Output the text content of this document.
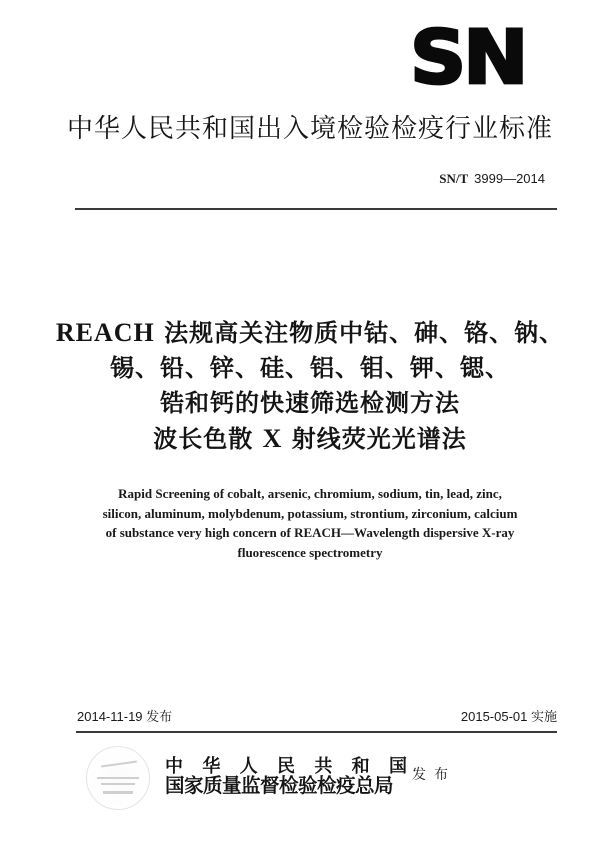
SN
中华人民共和国出入境检验检疫行业标准
SN/T 3999—2014
REACH 法规高关注物质中钴、砷、铬、钠、
锡、铅、锌、硅、铝、钼、钾、锶、
锆和钙的快速筛选检测方法
波长色散 X 射线荧光光谱法
Rapid Screening of cobalt, arsenic, chromium, sodium, tin, lead, zinc,
silicon, aluminum, molybdenum, potassium, strontium, zirconium, calcium
of substance very high concern of REACH—Wavelength dispersive X-ray
fluorescence spectrometry
2014-11-19 发布	2015-05-01 实施
中华人民共和国
国家质量监督检验检疫总局	发布
